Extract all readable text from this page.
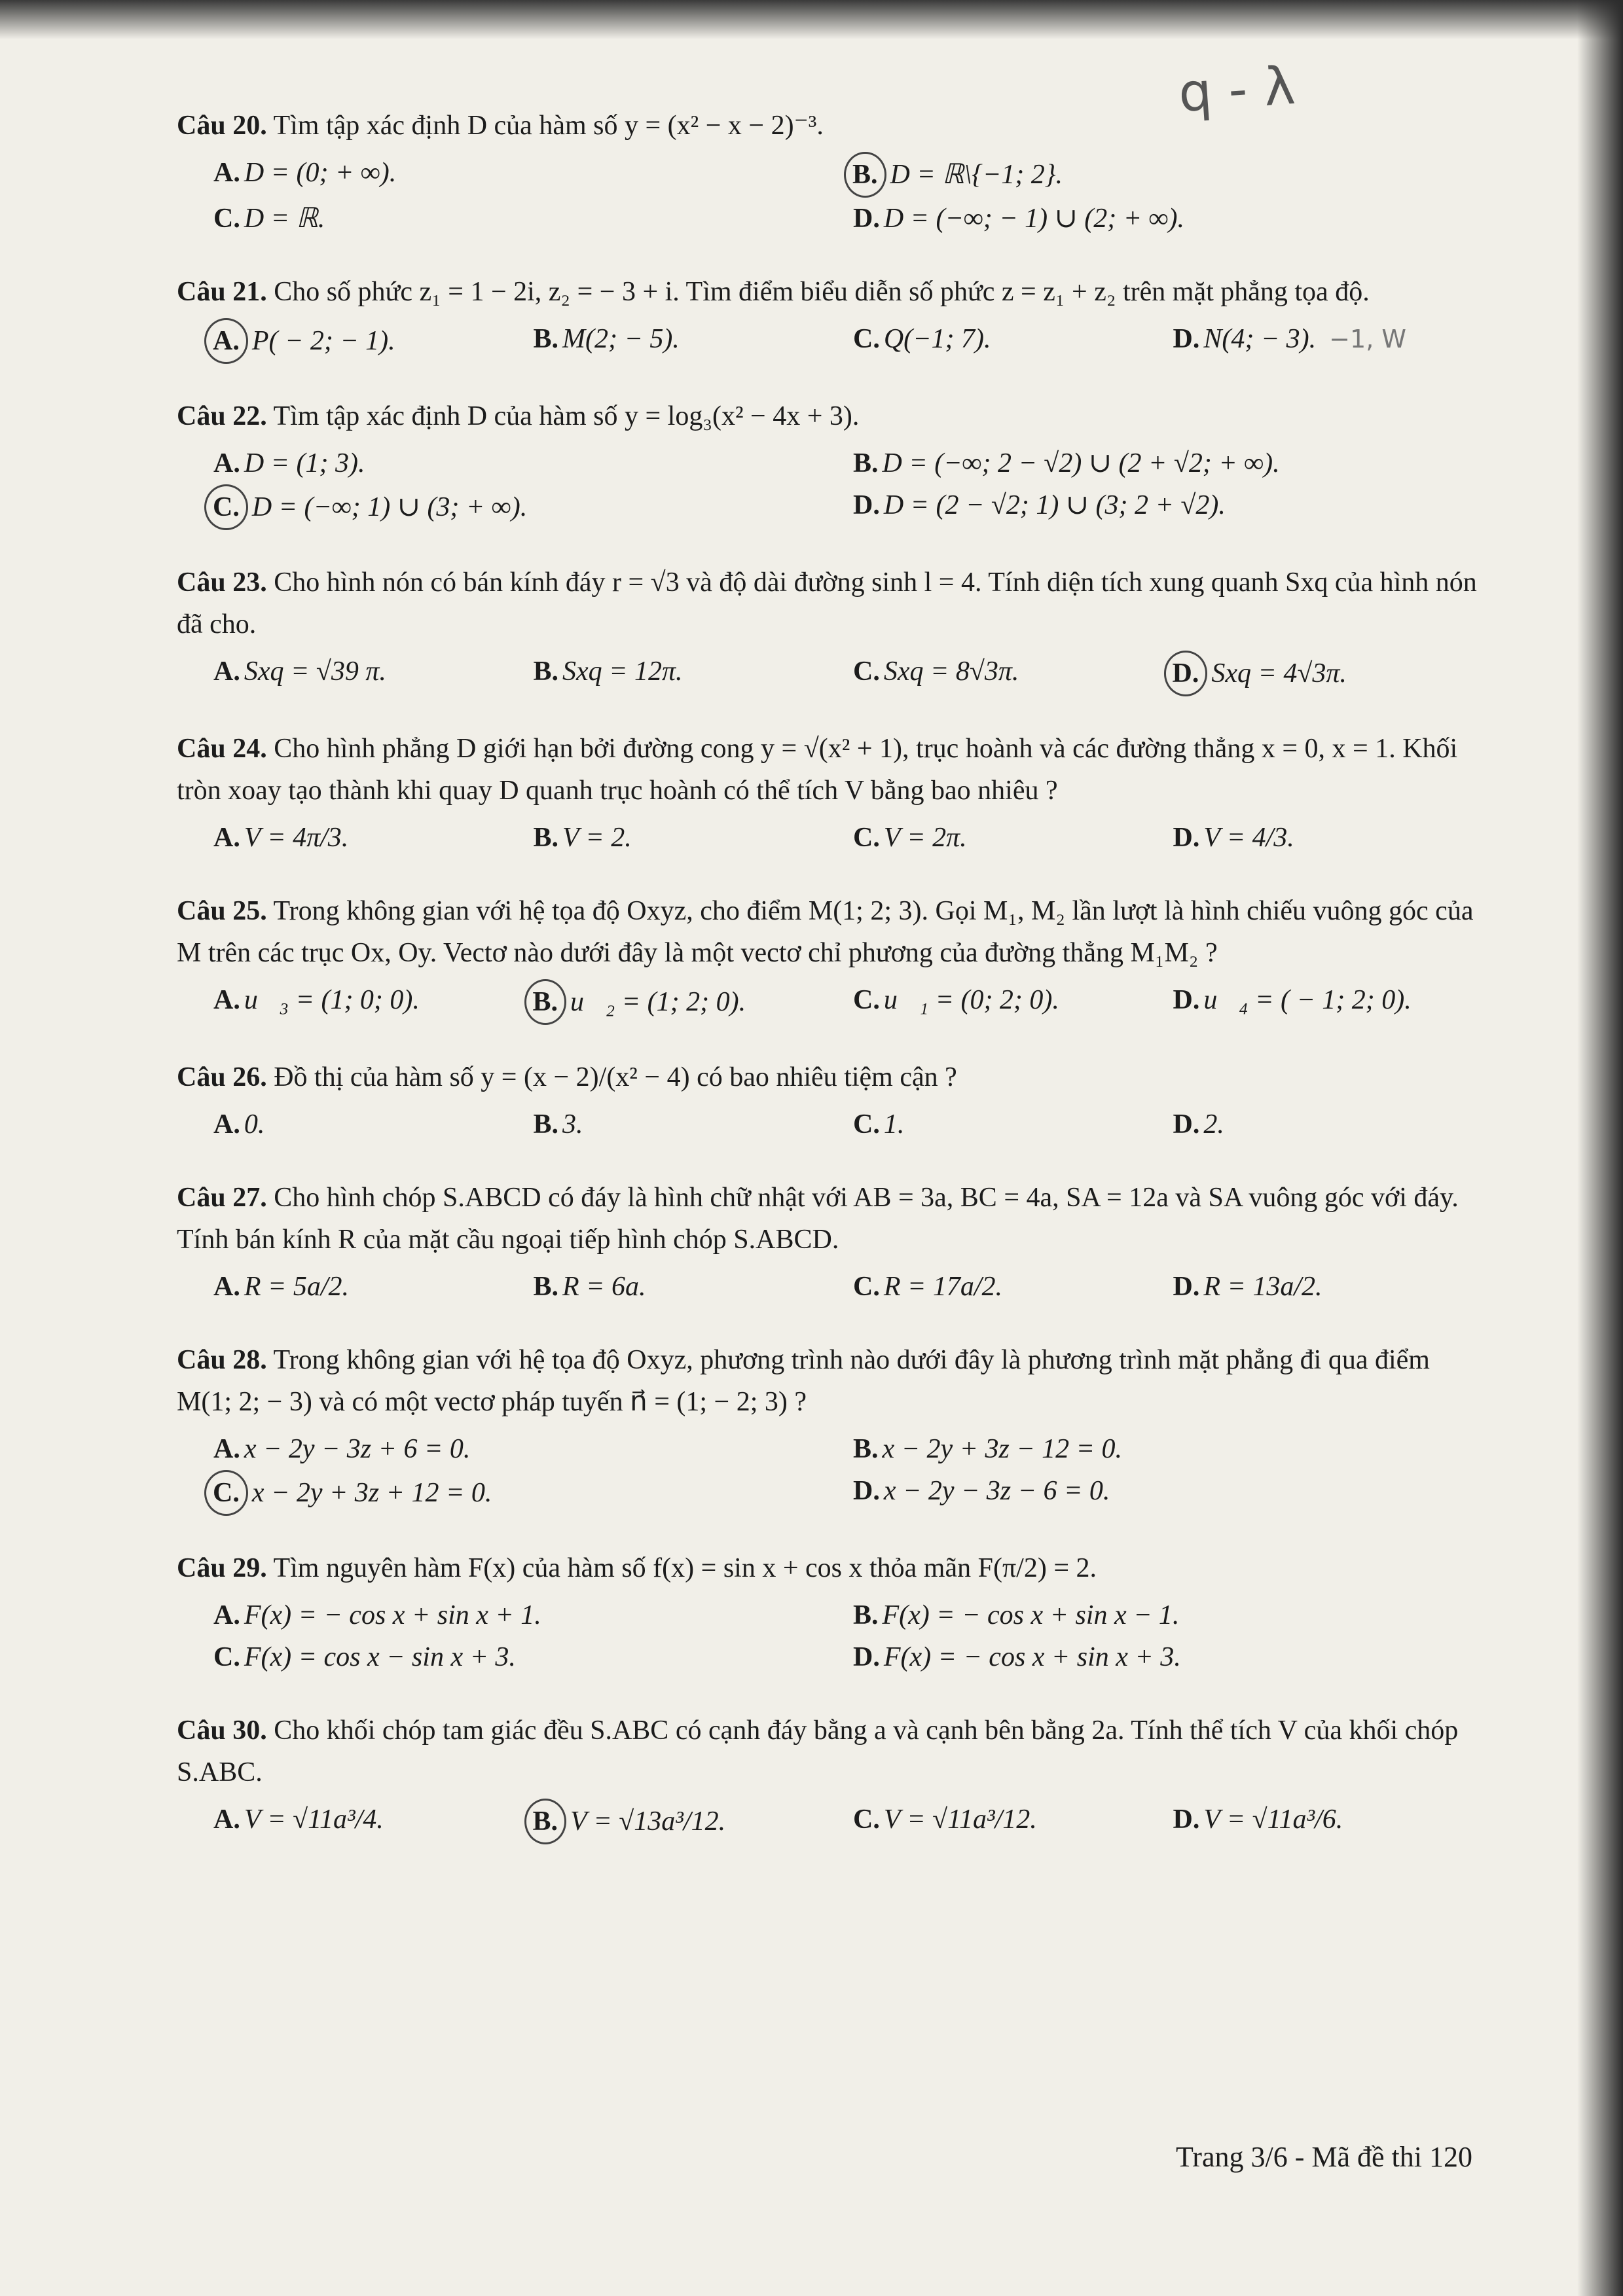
q - λ

Câu 20. Tìm tập xác định D của hàm số y = (x² − x − 2)⁻³.

A. D = (0; + ∞).	B. D = ℝ\{−1; 2}.
C. D = ℝ.	D. D = (−∞; − 1) ∪ (2; + ∞).

Câu 21. Cho số phức z₁ = 1 − 2i, z₂ = − 3 + i. Tìm điểm biểu diễn số phức z = z₁ + z₂ trên mặt phẳng tọa độ.

A. P( − 2; − 1).	B. M(2; − 5).	C. Q(−1; 7).	D. N(4; − 3). −1, W

Câu 22. Tìm tập xác định D của hàm số y = log₃(x² − 4x + 3).

A. D = (1; 3).	B. D = (−∞; 2 − √2) ∪ (2 + √2; + ∞).
C. D = (−∞; 1) ∪ (3; + ∞).	D. D = (2 − √2; 1) ∪ (3; 2 + √2).

Câu 23. Cho hình nón có bán kính đáy r = √3 và độ dài đường sinh l = 4. Tính diện tích xung quanh Sxq của hình nón đã cho.

A. Sxq = √39 π.	B. Sxq = 12π.	C. Sxq = 8√3π.	D. Sxq = 4√3π.

Câu 24. Cho hình phẳng D giới hạn bởi đường cong y = √(x² + 1), trục hoành và các đường thẳng x = 0, x = 1. Khối tròn xoay tạo thành khi quay D quanh trục hoành có thể tích V bằng bao nhiêu ?

A. V = 4π/3.	B. V = 2.	C. V = 2π.	D. V = 4/3.

Câu 25. Trong không gian với hệ tọa độ Oxyz, cho điểm M(1; 2; 3). Gọi M₁, M₂ lần lượt là hình chiếu vuông góc của M trên các trục Ox, Oy. Vectơ nào dưới đây là một vectơ chỉ phương của đường thẳng M₁M₂ ?

A. u⃗₃ = (1; 0; 0).	B. u⃗₂ = (1; 2; 0).	C. u⃗₁ = (0; 2; 0).	D. u⃗₄ = ( − 1; 2; 0).

Câu 26. Đồ thị của hàm số y = (x − 2)/(x² − 4) có bao nhiêu tiệm cận ?

A. 0.	B. 3.	C. 1.	D. 2.

Câu 27. Cho hình chóp S.ABCD có đáy là hình chữ nhật với AB = 3a, BC = 4a, SA = 12a và SA vuông góc với đáy. Tính bán kính R của mặt cầu ngoại tiếp hình chóp S.ABCD.

A. R = 5a/2.	B. R = 6a.	C. R = 17a/2.	D. R = 13a/2.

Câu 28. Trong không gian với hệ tọa độ Oxyz, phương trình nào dưới đây là phương trình mặt phẳng đi qua điểm M(1; 2; − 3) và có một vectơ pháp tuyến n⃗ = (1; − 2; 3) ?

A. x − 2y − 3z + 6 = 0.	B. x − 2y + 3z − 12 = 0.
C. x − 2y + 3z + 12 = 0.	D. x − 2y − 3z − 6 = 0.

Câu 29. Tìm nguyên hàm F(x) của hàm số f(x) = sin x + cos x thỏa mãn F(π/2) = 2.

A. F(x) = − cos x + sin x + 1.	B. F(x) = − cos x + sin x − 1.
C. F(x) = cos x − sin x + 3.	D. F(x) = − cos x + sin x + 3.

Câu 30. Cho khối chóp tam giác đều S.ABC có cạnh đáy bằng a và cạnh bên bằng 2a. Tính thể tích V của khối chóp S.ABC.

A. V = √11a³/4.	B. V = √13a³/12.	C. V = √11a³/12.	D. V = √11a³/6.
Trang 3/6 - Mã đề thi 120
